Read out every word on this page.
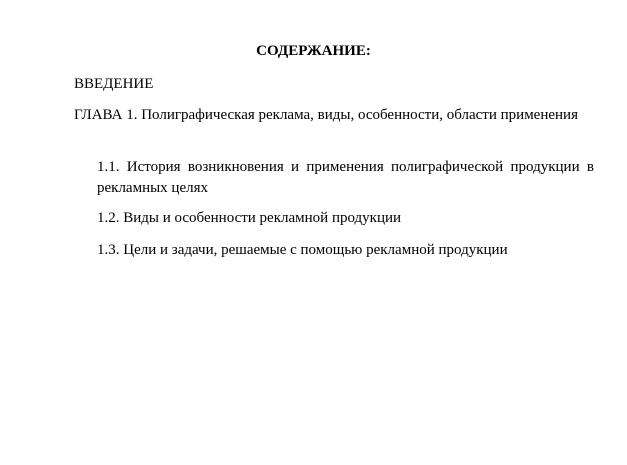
СОДЕРЖАНИЕ:

ВВЕДЕНИЕ

ГЛАВА 1. Полиграфическая реклама, виды, особенности, области применения

1.1. История возникновения и применения полиграфической продукции в рекламных целях

1.2. Виды и особенности рекламной продукции

1.3. Цели и задачи, решаемые с помощью рекламной продукции
